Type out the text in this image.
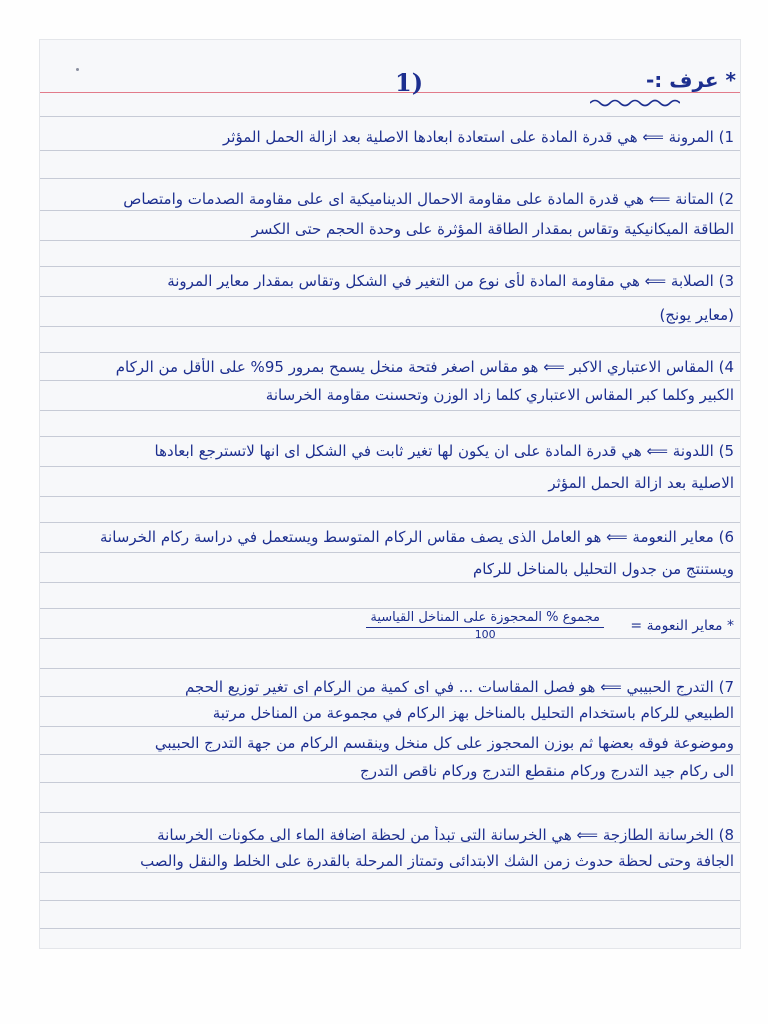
1)	* عرف :-
1) المرونة ⟸ هي قدرة المادة على استعادة ابعادها الاصلية بعد ازالة الحمل المؤثر
2) المتانة ⟸ هي قدرة المادة على مقاومة الاحمال الديناميكية اى على مقاومة الصدمات وامتصاص
الطاقة الميكانيكية وتقاس بمقدار الطاقة المؤثرة على وحدة الحجم حتى الكسر
3) الصلابة ⟸ هي مقاومة المادة لأى نوع من التغير في الشكل وتقاس بمقدار معاير المرونة
(معاير يونج)
4) المقاس الاعتباري الاكبر ⟸ هو مقاس اصغر فتحة منخل يسمح بمرور 95% على الأقل من الركام
الكبير وكلما كبر المقاس الاعتباري كلما زاد الوزن وتحسنت مقاومة الخرسانة
5) اللدونة ⟸ هي قدرة المادة على ان يكون لها تغير ثابت في الشكل اى انها لاتسترجع ابعادها
الاصلية بعد ازالة الحمل المؤثر
6) معاير النعومة ⟸ هو العامل الذى يصف مقاس الركام المتوسط ويستعمل في دراسة ركام الخرسانة
ويستنتج من جدول التحليل بالمناخل للركام
* معاير النعومة =
مجموع % المحجوزة على المناخل القياسية
100
7) التدرج الحبيبي ⟸ هو فصل المقاسات ... في اى كمية من الركام اى تغير توزيع الحجم
الطبيعي للركام باستخدام التحليل بالمناخل بهز الركام في مجموعة من المناخل مرتبة
وموضوعة فوقه بعضها ثم بوزن المحجوز على كل منخل وينقسم الركام من جهة التدرج الحبيبي
الى ركام جيد التدرج وركام منقطع التدرج وركام ناقص التدرج
8) الخرسانة الطازجة ⟸ هي الخرسانة التى تبدأ من لحظة اضافة الماء الى مكونات الخرسانة
الجافة وحتى لحظة حدوث زمن الشك الابتدائى وتمتاز المرحلة بالقدرة على الخلط والنقل والصب
